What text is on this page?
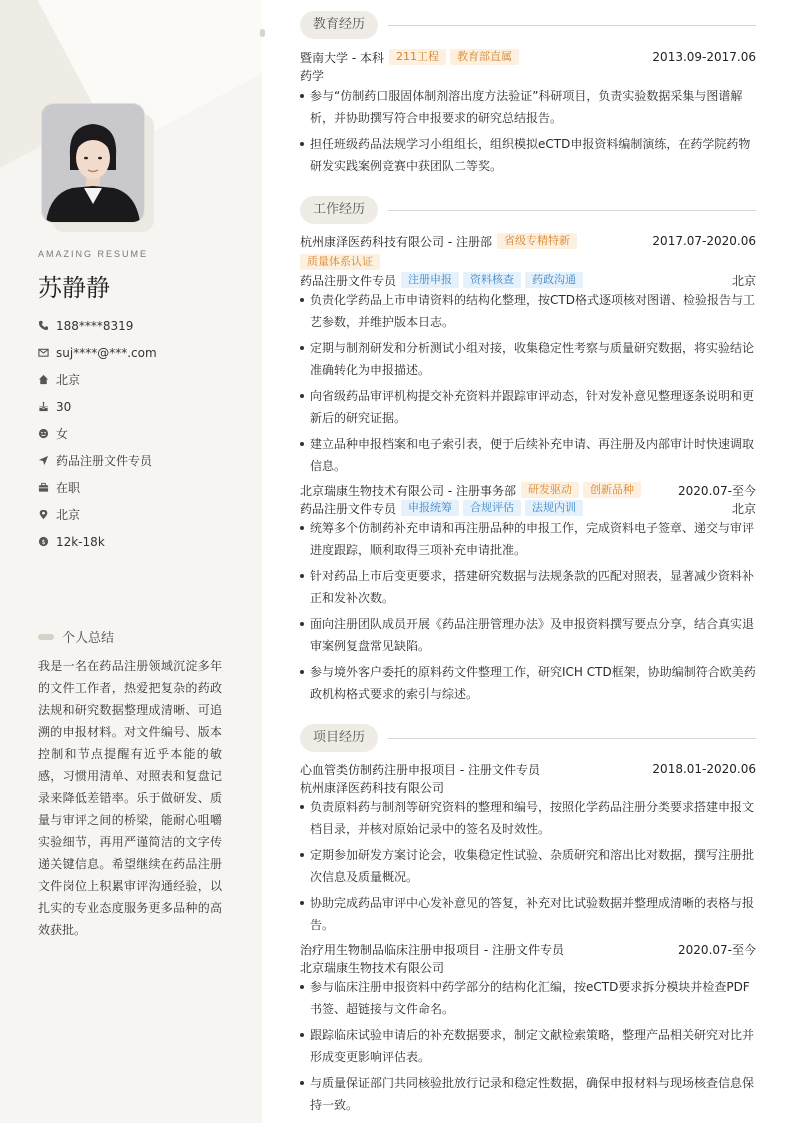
AMAZING RESUME
苏静静
188****8319
suj****@***.com
北京
30
女
药品注册文件专员
在职
北京
$ 12k-18k
个人总结
我是一名在药品注册领域沉淀多年的文件工作者，热爱把复杂的药政法规和研究数据整理成清晰、可追溯的申报材料。对文件编号、版本控制和节点提醒有近乎本能的敏感，习惯用清单、对照表和复盘记录来降低差错率。乐于做研发、质量与审评之间的桥梁，能耐心咀嚼实验细节，再用严谨简洁的文字传递关键信息。希望继续在药品注册文件岗位上积累审评沟通经验，以扎实的专业态度服务更多品种的高效获批。
教育经历
暨南大学 - 本科	211工程	教育部直属	2013.09-2017.06
药学
参与“仿制药口服固体制剂溶出度方法验证”科研项目，负责实验数据采集与图谱解析，并协助撰写符合申报要求的研究总结报告。
担任班级药品法规学习小组组长，组织模拟eCTD申报资料编制演练，在药学院药物研发实践案例竞赛中获团队二等奖。
工作经历
杭州康泽医药科技有限公司 - 注册部	省级专精特新	2017.07-2020.06
质量体系认证
药品注册文件专员	注册申报	资料核查	药政沟通	北京
负责化学药品上市申请资料的结构化整理，按CTD格式逐项核对图谱、检验报告与工艺参数，并维护版本日志。
定期与制剂研发和分析测试小组对接，收集稳定性考察与质量研究数据，将实验结论准确转化为申报描述。
向省级药品审评机构提交补充资料并跟踪审评动态，针对发补意见整理逐条说明和更新后的研究证据。
建立品种申报档案和电子索引表，便于后续补充申请、再注册及内部审计时快速调取信息。
北京瑞康生物技术有限公司 - 注册事务部	研发驱动	创新品种	2020.07-至今
药品注册文件专员	申报统筹	合规评估	法规内训	北京
统筹多个仿制药补充申请和再注册品种的申报工作，完成资料电子签章、递交与审评进度跟踪，顺利取得三项补充申请批准。
针对药品上市后变更要求，搭建研究数据与法规条款的匹配对照表，显著减少资料补正和发补次数。
面向注册团队成员开展《药品注册管理办法》及申报资料撰写要点分享，结合真实退审案例复盘常见缺陷。
参与境外客户委托的原料药文件整理工作，研究ICH CTD框架，协助编制符合欧美药政机构格式要求的索引与综述。
项目经历
心血管类仿制药注册申报项目 - 注册文件专员	2018.01-2020.06
杭州康泽医药科技有限公司
负责原料药与制剂等研究资料的整理和编号，按照化学药品注册分类要求搭建申报文档目录，并核对原始记录中的签名及时效性。
定期参加研发方案讨论会，收集稳定性试验、杂质研究和溶出比对数据，撰写注册批次信息及质量概况。
协助完成药品审评中心发补意见的答复，补充对比试验数据并整理成清晰的表格与报告。
治疗用生物制品临床注册申报项目 - 注册文件专员	2020.07-至今
北京瑞康生物技术有限公司
参与临床注册申报资料中药学部分的结构化汇编，按eCTD要求拆分模块并检查PDF书签、超链接与文件命名。
跟踪临床试验申请后的补充数据要求，制定文献检索策略，整理产品相关研究对比并形成变更影响评估表。
与质量保证部门共同核验批放行记录和稳定性数据，确保申报材料与现场核查信息保持一致。
